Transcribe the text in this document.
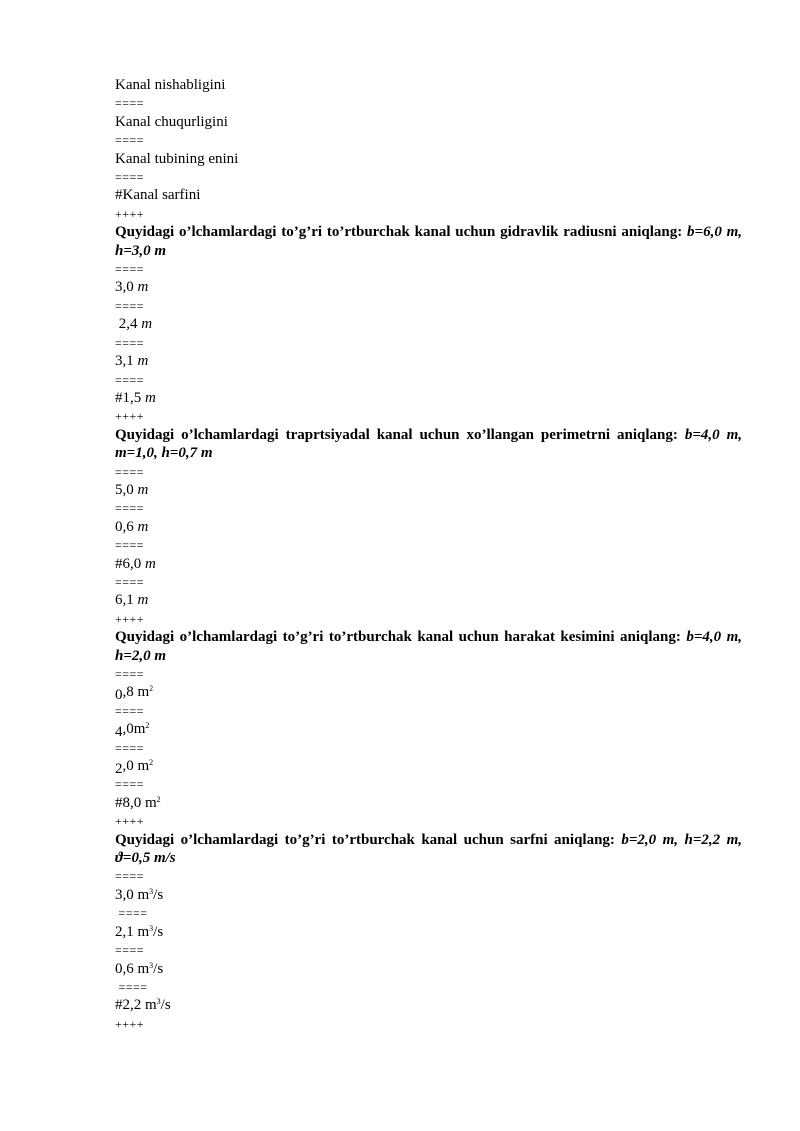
Kanal nishabligini
====
Kanal chuqurligini
====
Kanal tubining enini
====
#Kanal sarfini
++++
Quyidagi o’lchamlardagi to’g’ri to’rtburchak kanal uchun gidravlik radiusni aniqlang: b=6,0 m, h=3,0 m
====
3,0 m
====
2,4 m
====
3,1 m
====
#1,5 m
++++
Quyidagi o’lchamlardagi traprtsiyadal kanal uchun xo’llangan perimetrni aniqlang: b=4,0 m, m=1,0, h=0,7 m
====
5,0 m
====
0,6 m
====
#6,0 m
====
6,1 m
++++
Quyidagi o’lchamlardagi to’g’ri to’rtburchak kanal uchun harakat kesimini aniqlang: b=4,0 m, h=2,0 m
====
0,8 $m^2$
====
$4,0m^2$
====
2,0 $m^2$
====
#8,0 $m^2$
++++
Quyidagi o’lchamlardagi to’g’ri to’rtburchak kanal uchun sarfni aniqlang: b=2,0 m, h=2,2 m, ϑ=0,5 m/s
====
3,0 $m^3/s$
====
2,1 $m^3/s$
====
0,6 $m^3/s$
====
#2,2 $m^3/s$
++++
